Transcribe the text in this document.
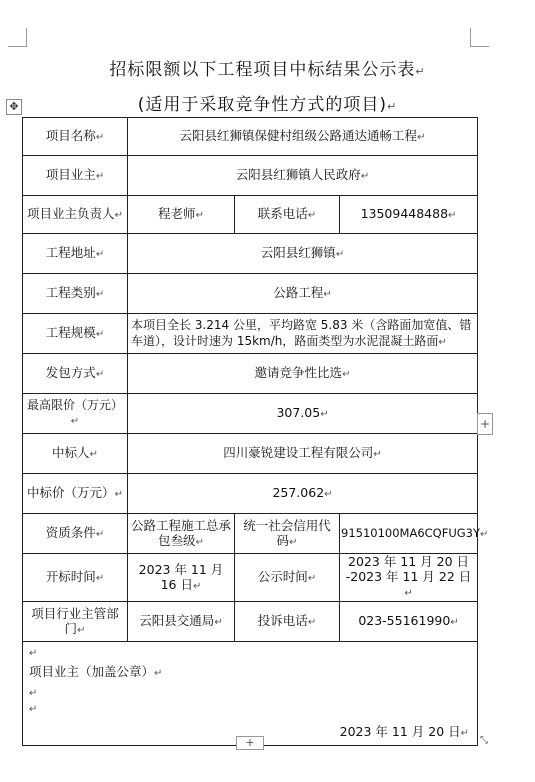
招标限额以下工程项目中标结果公示表↵
(适用于采取竞争性方式的项目)↵
✥
项目名称↵	云阳县红狮镇保健村组级公路通达通畅工程↵		
项目业主↵	云阳县红狮镇人民政府↵		
项目业主负责人↵	程老师↵	联系电话↵	13509448488↵
工程地址↵	云阳县红狮镇↵		
工程类别↵	公路工程↵		
工程规模↵	本项目全长 3.214 公里，平均路宽 5.83 米（含路面加宽值、错车道），设计时速为 15km/h，路面类型为水泥混凝土路面↵		
发包方式↵	邀请竞争性比选↵		
最高限价（万元）↵	307.05↵		
中标人↵	四川豪锐建设工程有限公司↵		
中标价（万元）↵	257.062↵		
资质条件↵	公路工程施工总承包叁级↵	统一社会信用代码↵	91510100MA6CQFUG3Y↵
开标时间↵	2023 年 11 月 16 日↵	公示时间↵	2023 年 11 月 20 日
-2023 年 11 月 22 日↵

项目行业主管部门↵	云阳县交通局↵	投诉电话↵	023-55161990↵

↵
项目业主（加盖公章）↵
↵
↵
2023 年 11 月 20 日↵			
+
+	⤡
